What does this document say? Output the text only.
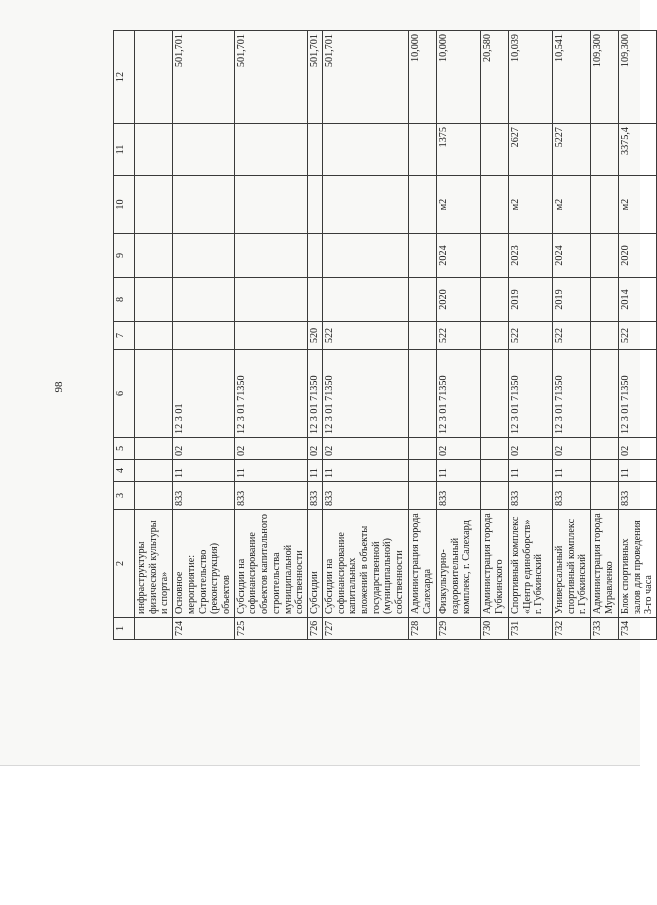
98
1	2	3	4	5	6	7	8	9	10	11	12
	инфраструктуры физической культуры и спорта»										
724	Основное мероприятие: Строительство (реконструкция) объектов	833	11	02	12 3 01						501,701
725	Субсидии на софинансирование объектов капитального строительства муниципальной собственности	833	11	02	12 3 01 71350						501,701
726	Субсидии	833	11	02	12 3 01 71350	520					501,701
727	Субсидии на софинансирование капитальных вложений в объекты государственной (муниципальной) собственности	833	11	02	12 3 01 71350	522					501,701
728	Администрация города Салехарда										10,000
729	Физкультурно-оздоровительный комплекс, г. Салехард	833	11	02	12 3 01 71350	522	2020	2024	м2	1375	10,000
730	Администрация города Губкинского										20,580
731	Спортивный комплекс «Центр единоборств» г. Губкинский	833	11	02	12 3 01 71350	522	2019	2023	м2	2627	10,039
732	Универсальный спортивный комплекс г. Губкинский	833	11	02	12 3 01 71350	522	2019	2024	м2	5227	10,541
733	Администрация города Муравленко										109,300
734	Блок спортивных залов для проведения 3-го часа	833	11	02	12 3 01 71350	522	2014	2020	м2	3375,4	109,300
